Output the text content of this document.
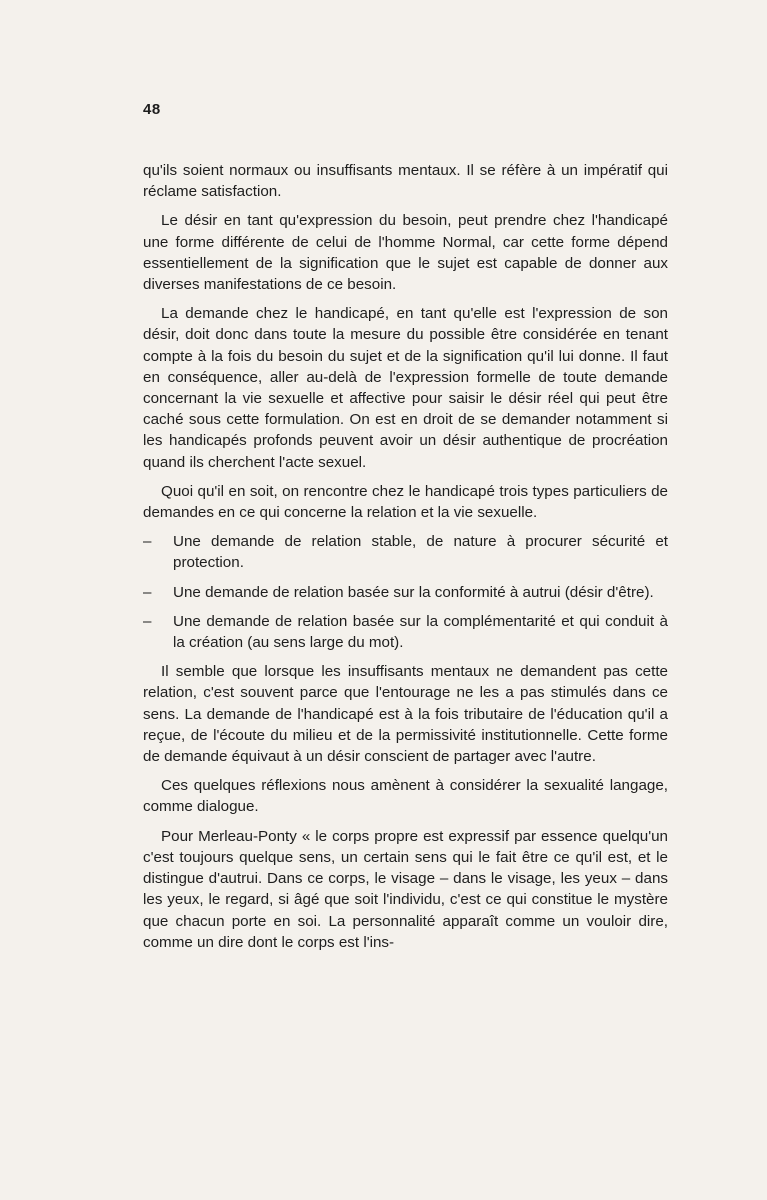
48

qu'ils soient normaux ou insuffisants mentaux. Il se réfère à un impératif qui réclame satisfaction.

Le désir en tant qu'expression du besoin, peut prendre chez l'handicapé une forme différente de celui de l'homme Normal, car cette forme dépend essentiellement de la signification que le sujet est capable de donner aux diverses manifestations de ce besoin.

La demande chez le handicapé, en tant qu'elle est l'expression de son désir, doit donc dans toute la mesure du possible être considérée en tenant compte à la fois du besoin du sujet et de la signification qu'il lui donne. Il faut en conséquence, aller au-delà de l'expression formelle de toute demande concernant la vie sexuelle et affective pour saisir le désir réel qui peut être caché sous cette formulation. On est en droit de se demander notamment si les handicapés profonds peuvent avoir un désir authentique de procréation quand ils cherchent l'acte sexuel.

Quoi qu'il en soit, on rencontre chez le handicapé trois types particuliers de demandes en ce qui concerne la relation et la vie sexuelle.

–	Une demande de relation stable, de nature à procurer sécurité et protection.
–	Une demande de relation basée sur la conformité à autrui (désir d'être).
–	Une demande de relation basée sur la complémentarité et qui conduit à la création (au sens large du mot).

Il semble que lorsque les insuffisants mentaux ne demandent pas cette relation, c'est souvent parce que l'entourage ne les a pas stimulés dans ce sens. La demande de l'handicapé est à la fois tributaire de l'éducation qu'il a reçue, de l'écoute du milieu et de la permissivité institutionnelle. Cette forme de demande équivaut à un désir conscient de partager avec l'autre.

Ces quelques réflexions nous amènent à considérer la sexualité langage, comme dialogue.

Pour Merleau-Ponty « le corps propre est expressif par essence quelqu'un c'est toujours quelque sens, un certain sens qui le fait être ce qu'il est, et le distingue d'autrui. Dans ce corps, le visage – dans le visage, les yeux – dans les yeux, le regard, si âgé que soit l'individu, c'est ce qui constitue le mystère que chacun porte en soi. La personnalité apparaît comme un vouloir dire, comme un dire dont le corps est l'ins-
